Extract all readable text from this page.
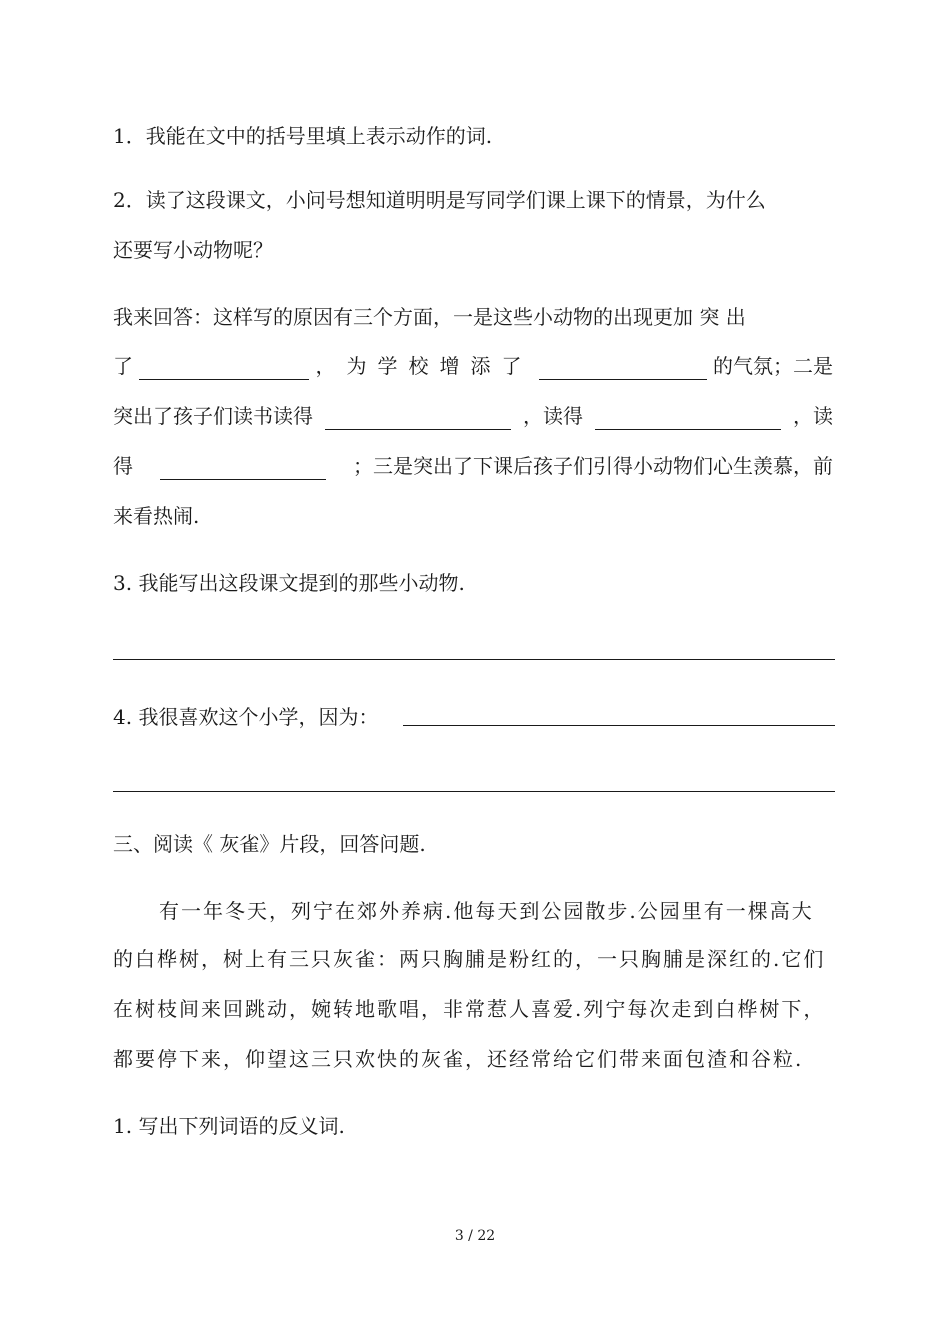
1．我能在文中的括号里填上表示动作的词.
2．读了这段课文，小问号想知道明明是写同学们课上课下的情景，为什么
还要写小动物呢？
我来回答：这样写的原因有三个方面，一是这些小动物的出现更加 突 出
了	，为学校增添了	的气氛；二是
突出了孩子们读书读得	，读得	，读
得	；三是突出了下课后孩子们引得小动物们心生羡慕，前
来看热闹.
3. 我能写出这段课文提到的那些小动物.
4. 我很喜欢这个小学，因为：
三、阅读《 灰雀》片段，回答问题.
有一年冬天，列宁在郊外养病.他每天到公园散步.公园里有一棵高大
的白桦树，树上有三只灰雀：两只胸脯是粉红的，一只胸脯是深红的.它们
在树枝间来回跳动，婉转地歌唱，非常惹人喜爱.列宁每次走到白桦树下，
都要停下来，仰望这三只欢快的灰雀，还经常给它们带来面包渣和谷粒.
1. 写出下列词语的反义词.
3 / 22
